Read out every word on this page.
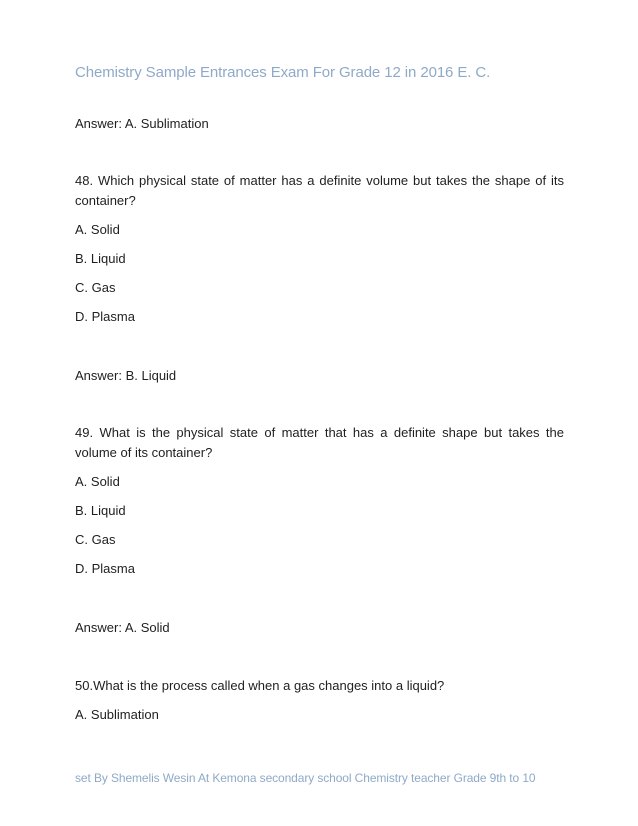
Chemistry Sample Entrances Exam For Grade 12 in 2016 E. C.
Answer: A. Sublimation
48. Which physical state of matter has a definite volume but takes the shape of its container?
A. Solid
B. Liquid
C. Gas
D. Plasma
Answer: B. Liquid
49. What is the physical state of matter that has a definite shape but takes the volume of its container?
A. Solid
B. Liquid
C. Gas
D. Plasma
Answer: A. Solid
50.What is the process called when a gas changes into a liquid?
A. Sublimation
set By Shemelis Wesin At Kemona secondary school Chemistry teacher Grade 9th to 10
